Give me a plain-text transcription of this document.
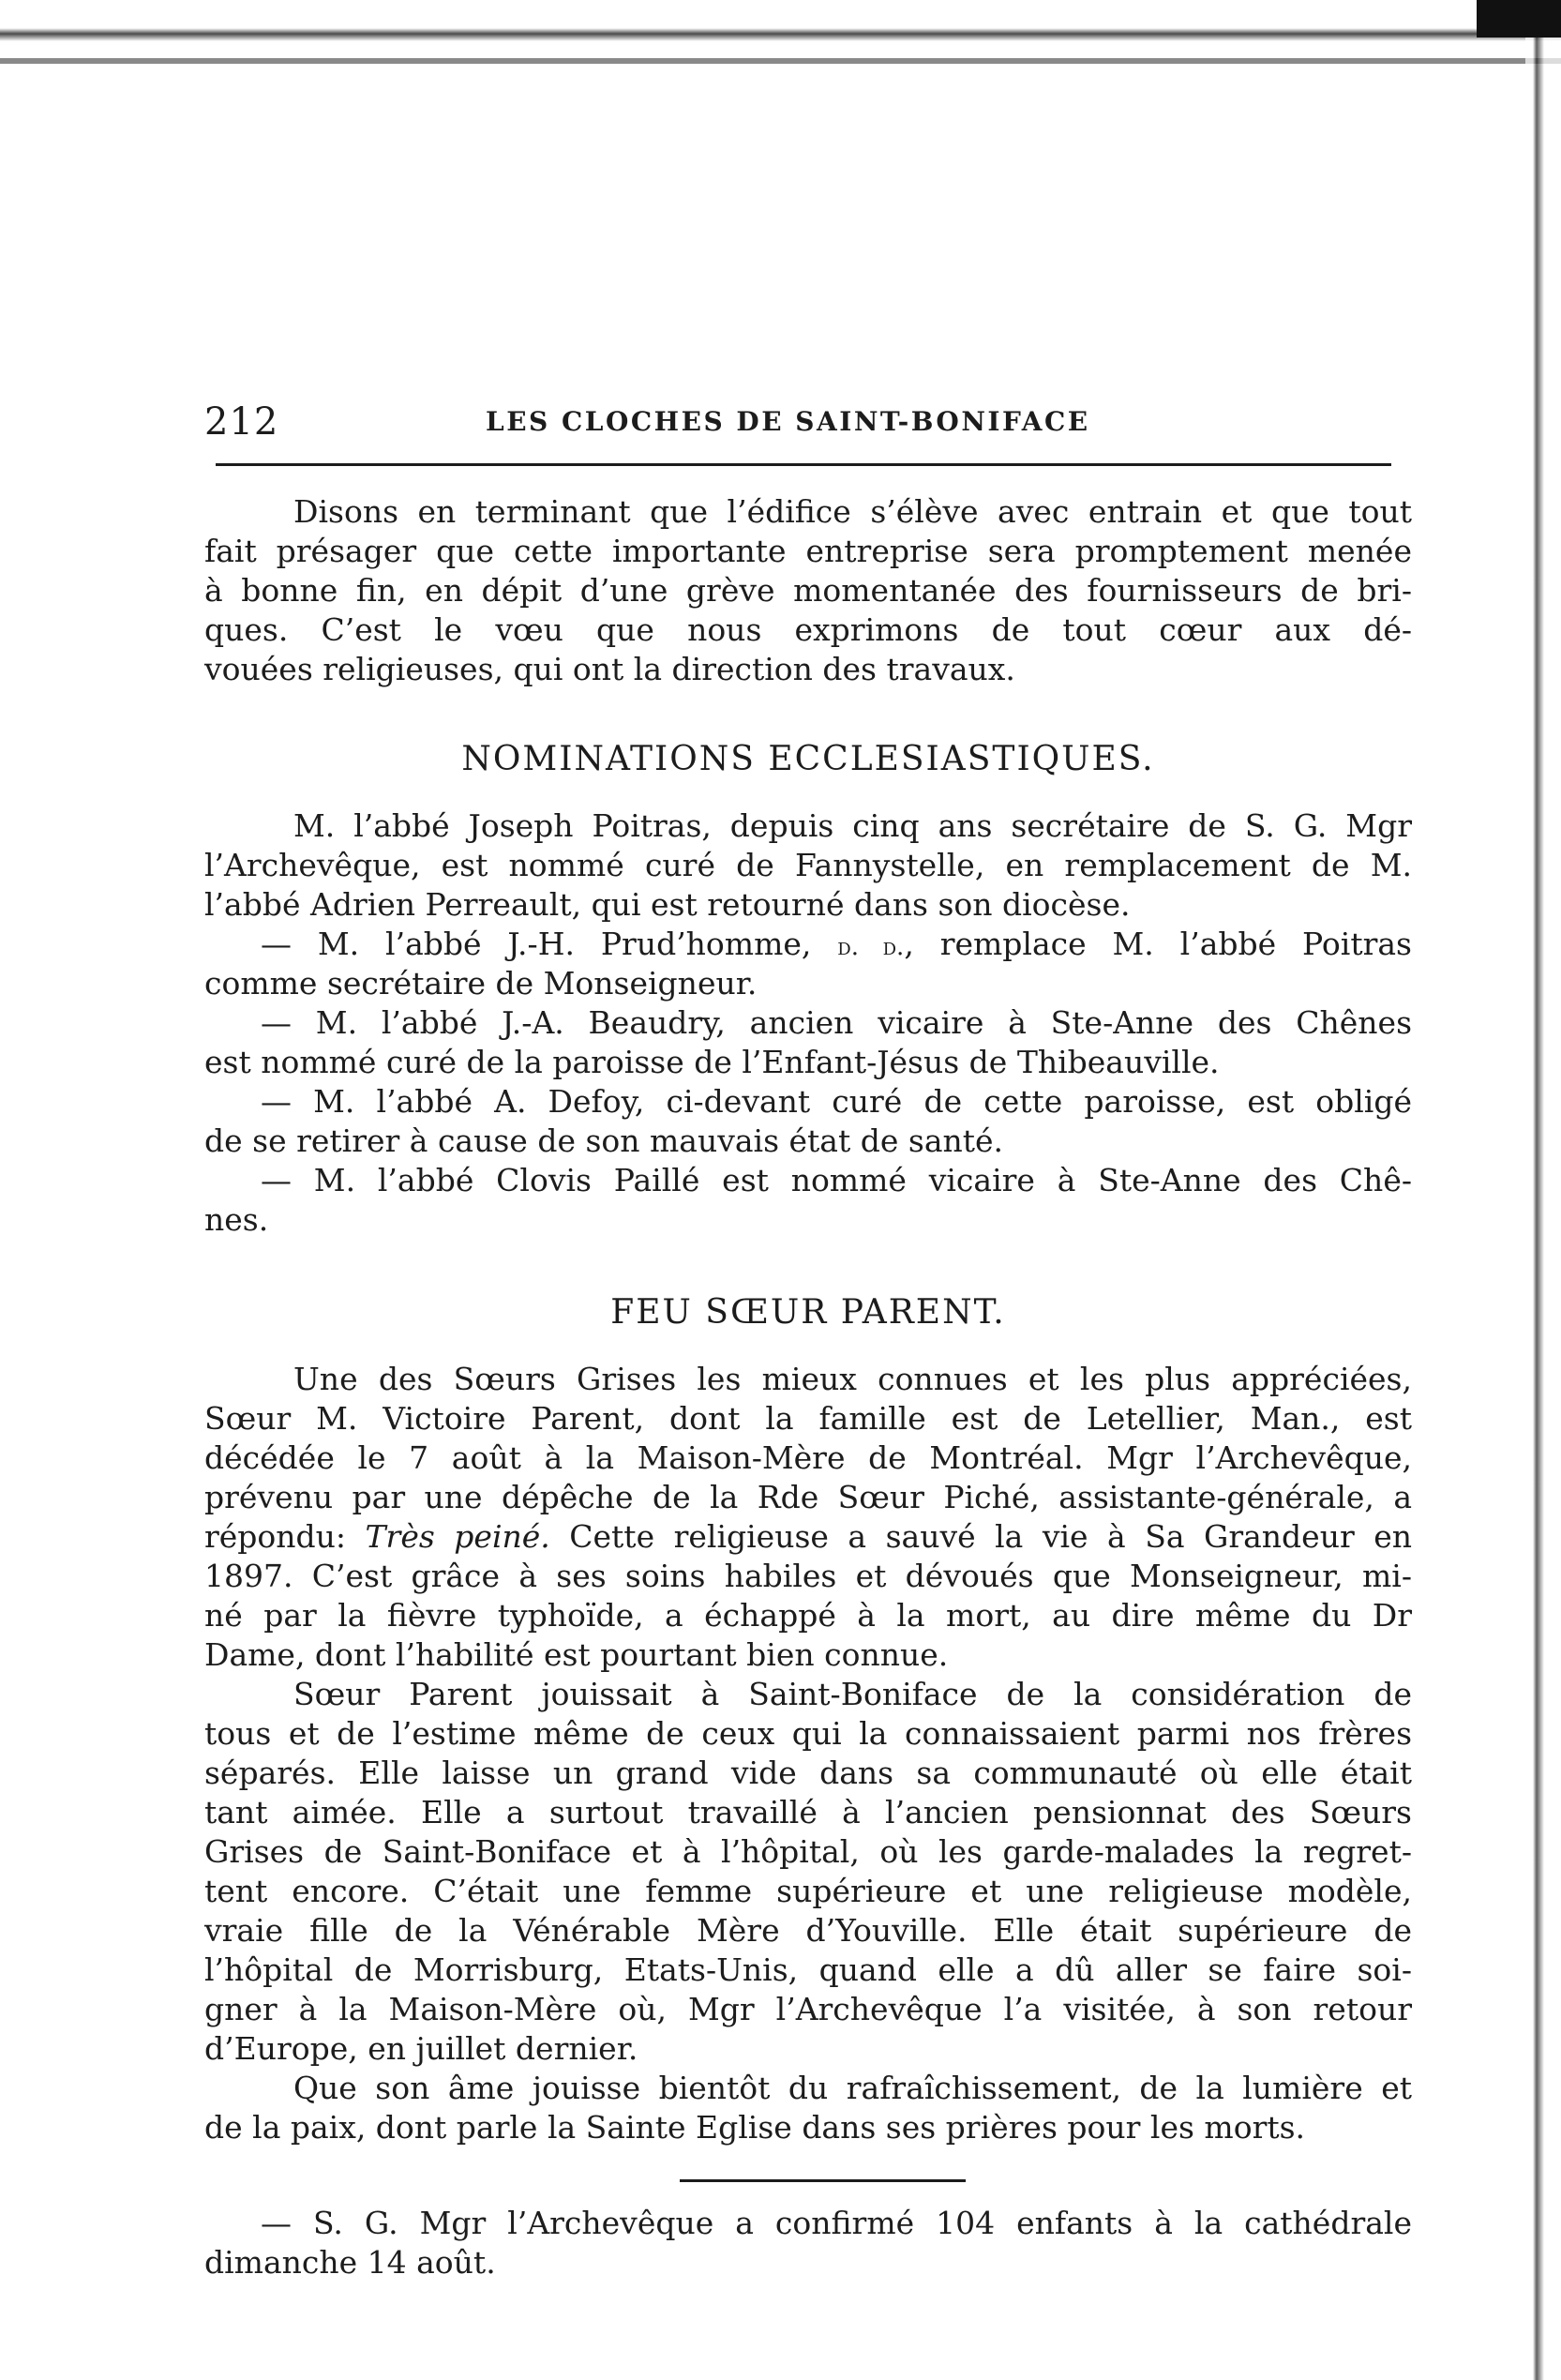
212	LES CLOCHES DE SAINT-BONIFACE
Disons en terminant que l’édifice s’élève avec entrain et que tout
fait présager que cette importante entreprise sera promptement menée
à bonne fin, en dépit d’une grève momentanée des fournisseurs de bri-
ques. C’est le vœu que nous exprimons de tout cœur aux dé-
vouées religieuses, qui ont la direction des travaux.
NOMINATIONS ECCLESIASTIQUES.
M. l’abbé Joseph Poitras, depuis cinq ans secrétaire de S. G. Mgr
l’Archevêque, est nommé curé de Fannystelle, en remplacement de M.
l’abbé Adrien Perreault, qui est retourné dans son diocèse.
— M. l’abbé J.-H. Prud’homme, d. d., remplace M. l’abbé Poitras
comme secrétaire de Monseigneur.
— M. l’abbé J.-A. Beaudry, ancien vicaire à Ste-Anne des Chênes
est nommé curé de la paroisse de l’Enfant-Jésus de Thibeauville.
— M. l’abbé A. Defoy, ci-devant curé de cette paroisse, est obligé
de se retirer à cause de son mauvais état de santé.
— M. l’abbé Clovis Paillé est nommé vicaire à Ste-Anne des Chê-
nes.
FEU SŒUR PARENT.
Une des Sœurs Grises les mieux connues et les plus appréciées,
Sœur M. Victoire Parent, dont la famille est de Letellier, Man., est
décédée le 7 août à la Maison-Mère de Montréal. Mgr l’Archevêque,
prévenu par une dépêche de la Rde Sœur Piché, assistante-générale, a
répondu: Très peiné. Cette religieuse a sauvé la vie à Sa Grandeur en
1897. C’est grâce à ses soins habiles et dévoués que Monseigneur, mi-
né par la fièvre typhoïde, a échappé à la mort, au dire même du Dr
Dame, dont l’habilité est pourtant bien connue.
Sœur Parent jouissait à Saint-Boniface de la considération de
tous et de l’estime même de ceux qui la connaissaient parmi nos frères
séparés. Elle laisse un grand vide dans sa communauté où elle était
tant aimée. Elle a surtout travaillé à l’ancien pensionnat des Sœurs
Grises de Saint-Boniface et à l’hôpital, où les garde-malades la regret-
tent encore. C’était une femme supérieure et une religieuse modèle,
vraie fille de la Vénérable Mère d’Youville. Elle était supérieure de
l’hôpital de Morrisburg, Etats-Unis, quand elle a dû aller se faire soi-
gner à la Maison-Mère où, Mgr l’Archevêque l’a visitée, à son retour
d’Europe, en juillet dernier.
Que son âme jouisse bientôt du rafraîchissement, de la lumière et
de la paix, dont parle la Sainte Eglise dans ses prières pour les morts.
— S. G. Mgr l’Archevêque a confirmé 104 enfants à la cathédrale
dimanche 14 août.
